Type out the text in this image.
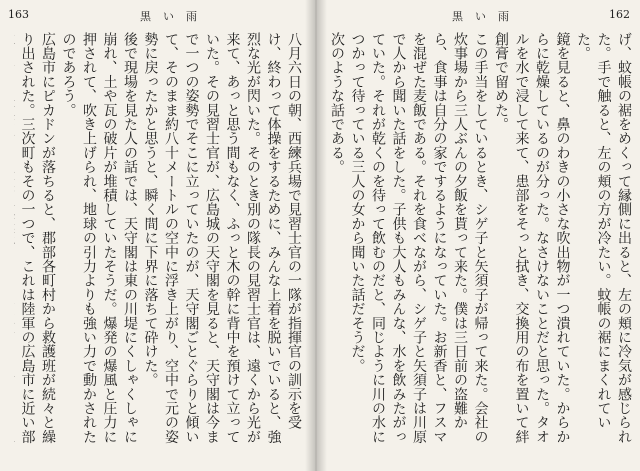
163	黒い雨

八月六日の朝、西練兵場で見習士官の一隊が指揮官の訓示を受け、終わって体操をするために、みんな上着を脱いでいると、強烈な光が閃いた。そのとき別の隊長の見習士官は、遠くから光が来て、あっと思う間もなく、ふっと木の幹に背中を預けて立っていた。その見習士官が、広島城の天守閣を見ると、天守閣は今まで一つの姿勢でそこに立っていたのが、天守閣ごとぐらりと傾いて、そのまま約八十メートルの空中に浮き上がり、空中で元の姿勢に戻ったかと思うと、瞬く間に下界に落ちて砕けた。

後で現場を見た人の話では、天守閣は東の川堤にくしゃくしゃに崩れ、土や瓦の破片が堆積していたそうだ。爆発の爆風と圧力に押されて、吹き上げられ、地球の引力よりも強い力で動かされたのであろう。

広島市にピカドンが落ちると、郡部各町村から救護班が続々と繰り出された。三次町もその一つで、これは陸軍の広島市に近い部

黒い雨	162

げ、蚊帳の裾をめくって縁側に出ると、左の頬に冷気が感じられた。手で触ると、左の頬の方が冷たい。蚊帳の裾にまくれていた。

鏡を見ると、鼻のわきの小さな吹出物が一つ潰れていた。からからに乾燥しているのが分った。なさけないことだと思った。タオルを水で浸して来て、患部をそっと拭き、交換用の布を置いて絆創膏で留めた。

この手当をしているとき、シゲ子と矢須子が帰って来た。会社の炊事場から三人ぶんの夕飯を貰って来た。僕は三日前の盗難から、食事は自分の家でするようになっていた。お新香と、フスマを混ぜた麦飯である。それを食べながら、シゲ子と矢須子は川原で人から聞いた話をした。子供も大人もみんな、水を飲みたがっていた。それが乾くのを待って飲むのだと、同じように川の水につかって待っている三人の女から聞いた話だそうだ。

次のような話である。
